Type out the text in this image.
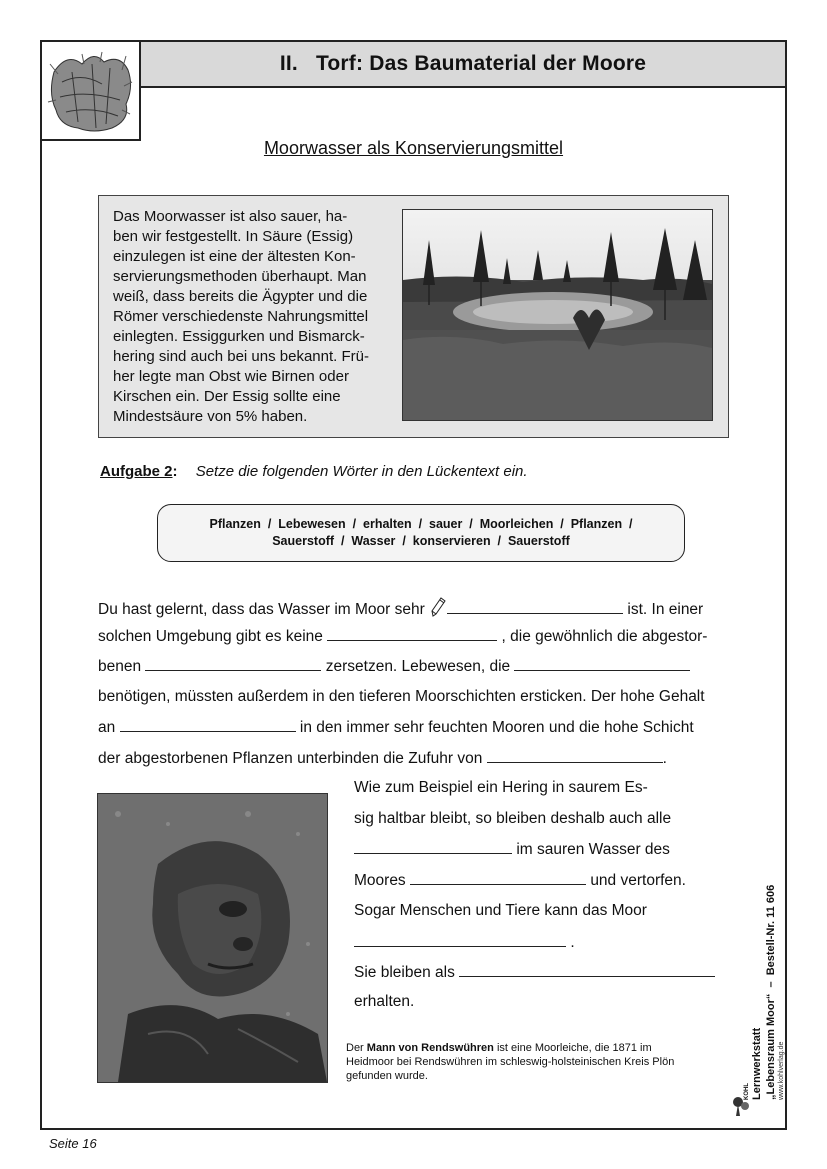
II. Torf: Das Baumaterial der Moore
Moorwasser als Konservierungsmittel
Das Moorwasser ist also sauer, ha-
ben wir festgestellt. In Säure (Essig)
einzulegen ist eine der ältesten Kon-
servierungsmethoden überhaupt. Man
weiß, dass bereits die Ägypter und die
Römer verschiedenste Nahrungsmittel
einlegten. Essiggurken und Bismarck-
hering sind auch bei uns bekannt. Frü-
her legte man Obst wie Birnen oder
Kirschen ein. Der Essig sollte eine
Mindestsäure von 5% haben.
Aufgabe 2: Setze die folgenden Wörter in den Lückentext ein.
Pflanzen  /  Lebewesen  /  erhalten  /  sauer  /  Moorleichen  /  Pflanzen  /
Sauerstoff  /  Wasser  /  konservieren  /  Sauerstoff
Du hast gelernt, dass das Wasser im Moor sehr	ist. In einer
solchen Umgebung gibt es keine	, die gewöhnlich die abgestor-
benen	zersetzen. Lebewesen, die
benötigen, müssten außerdem in den tieferen Moorschichten ersticken. Der hohe Gehalt
an	in den immer sehr feuchten Mooren und die hohe Schicht
der abgestorbenen Pflanzen unterbinden die Zufuhr von	.
Wie zum Beispiel ein Hering in saurem Es-
sig haltbar bleibt, so bleiben deshalb auch alle
im sauren Wasser des
Moores	und vertorfen.
Sogar Menschen und Tiere kann das Moor
.
Sie bleiben als
erhalten.
Der Mann von Rendswühren ist eine Moorleiche, die 1871 im Heidmoor bei Rendswühren im schleswig-holsteinischen Kreis Plön gefunden wurde.
KOHL Lernwerkstatt „Lebensraum Moor“  –  Bestell-Nr. 11 606 www.kohlverlag.de
Seite 16
